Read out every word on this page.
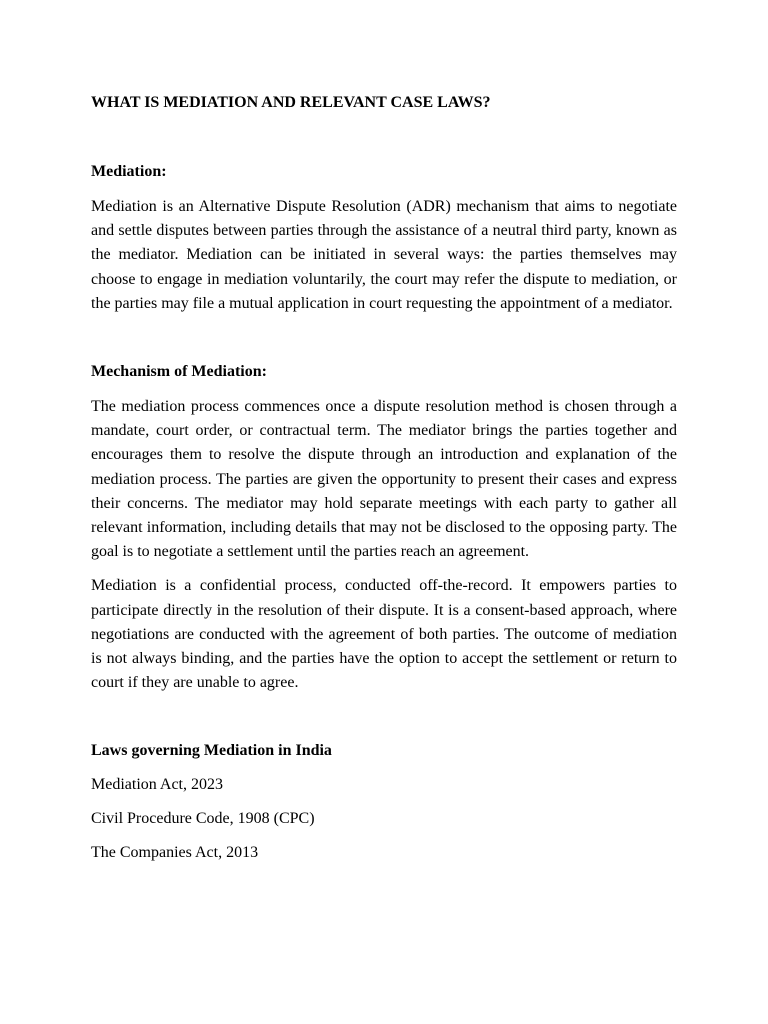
WHAT IS MEDIATION AND RELEVANT CASE LAWS?
Mediation:

Mediation is an Alternative Dispute Resolution (ADR) mechanism that aims to negotiate and settle disputes between parties through the assistance of a neutral third party, known as the mediator. Mediation can be initiated in several ways: the parties themselves may choose to engage in mediation voluntarily, the court may refer the dispute to mediation, or the parties may file a mutual application in court requesting the appointment of a mediator.

Mechanism of Mediation:

The mediation process commences once a dispute resolution method is chosen through a mandate, court order, or contractual term. The mediator brings the parties together and encourages them to resolve the dispute through an introduction and explanation of the mediation process. The parties are given the opportunity to present their cases and express their concerns. The mediator may hold separate meetings with each party to gather all relevant information, including details that may not be disclosed to the opposing party. The goal is to negotiate a settlement until the parties reach an agreement.

Mediation is a confidential process, conducted off-the-record. It empowers parties to participate directly in the resolution of their dispute. It is a consent-based approach, where negotiations are conducted with the agreement of both parties. The outcome of mediation is not always binding, and the parties have the option to accept the settlement or return to court if they are unable to agree.

Laws governing Mediation in India
Mediation Act, 2023
Civil Procedure Code, 1908 (CPC)
The Companies Act, 2013
